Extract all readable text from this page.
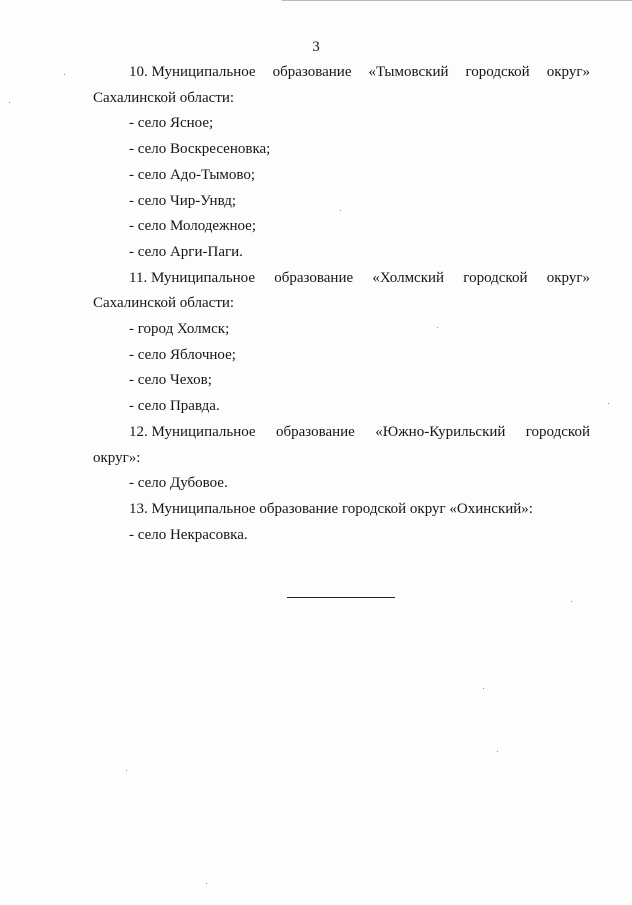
3
10. Муниципальное образование «Тымовский городской округ»
Сахалинской области:
- село Ясное;
- село Воскресеновка;
- село Адо-Тымово;
- село Чир-Унвд;
- село Молодежное;
- село Арги-Паги.
11. Муниципальное образование «Холмский городской округ»
Сахалинской области:
- город Холмск;
- село Яблочное;
- село Чехов;
- село Правда.
12. Муниципальное образование «Южно-Курильский городской
округ»:
- село Дубовое.
13. Муниципальное образование городской округ «Охинский»:
- село Некрасовка.
